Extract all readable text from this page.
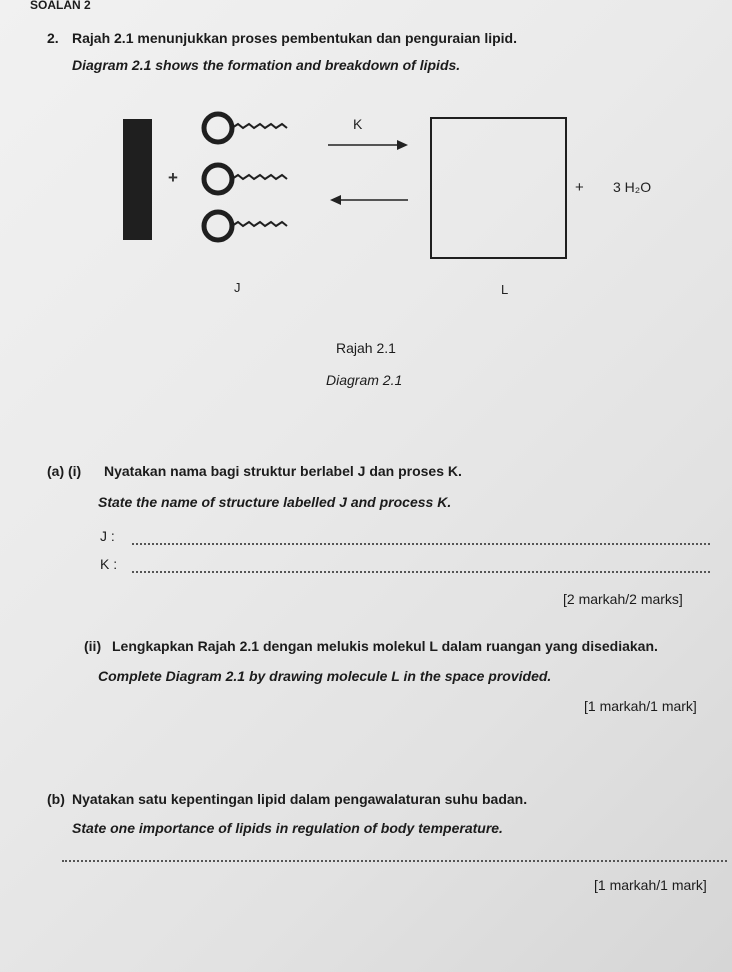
SOALAN 2
2. Rajah 2.1 menunjukkan proses pembentukan dan penguraian lipid.
Diagram 2.1 shows the formation and breakdown of lipids.
+
K
+ 3 H₂O
J	L
Rajah 2.1
Diagram 2.1
(a) (i) Nyatakan nama bagi struktur berlabel J dan proses K.
State the name of structure labelled J and process K.
J :
K :
[2 markah/2 marks]
(ii) Lengkapkan Rajah 2.1 dengan melukis molekul L dalam ruangan yang disediakan.
Complete Diagram 2.1 by drawing molecule L in the space provided.
[1 markah/1 mark]
(b) Nyatakan satu kepentingan lipid dalam pengawalaturan suhu badan.
State one importance of lipids in regulation of body temperature.
[1 markah/1 mark]
